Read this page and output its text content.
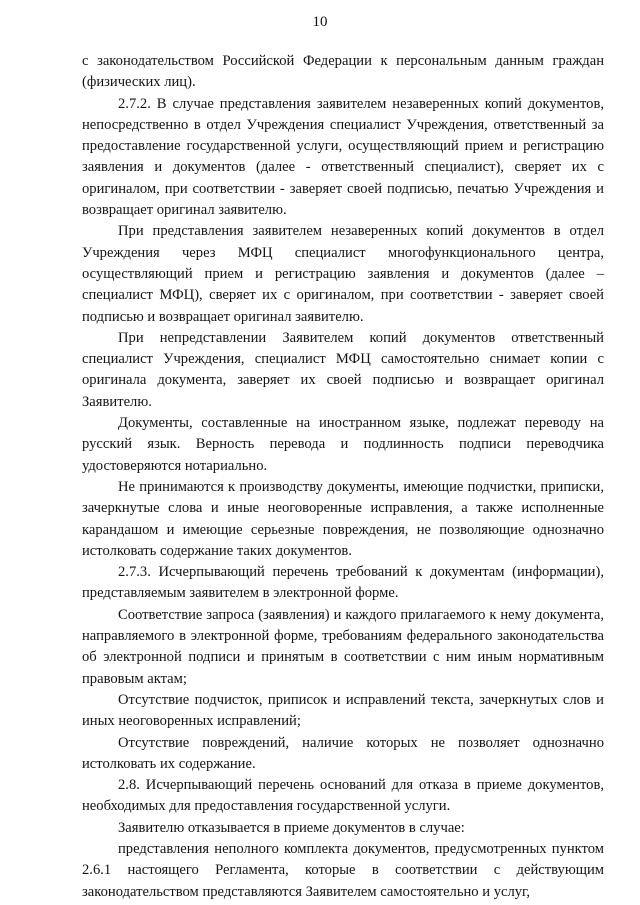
10

с законодательством Российской Федерации к персональным данным граждан (физических лиц).

2.7.2. В случае представления заявителем незаверенных копий документов, непосредственно в отдел Учреждения специалист Учреждения, ответственный за предоставление государственной услуги, осуществляющий прием и регистрацию заявления и документов (далее - ответственный специалист), сверяет их с оригиналом, при соответствии - заверяет своей подписью, печатью Учреждения и возвращает оригинал заявителю.

При представления заявителем незаверенных копий документов в отдел Учреждения через МФЦ специалист многофункционального центра, осуществляющий прием и регистрацию заявления и документов (далее – специалист МФЦ), сверяет их с оригиналом, при соответствии - заверяет своей подписью и возвращает оригинал заявителю.

При непредставлении Заявителем копий документов ответственный специалист Учреждения, специалист МФЦ самостоятельно снимает копии с оригинала документа, заверяет их своей подписью и возвращает оригинал Заявителю.

Документы, составленные на иностранном языке, подлежат переводу на русский язык. Верность перевода и подлинность подписи переводчика удостоверяются нотариально.

Не принимаются к производству документы, имеющие подчистки, приписки, зачеркнутые слова и иные неоговоренные исправления, а также исполненные карандашом и имеющие серьезные повреждения, не позволяющие однозначно истолковать содержание таких документов.

2.7.3. Исчерпывающий перечень требований к документам (информации), представляемым заявителем в электронной форме.

Соответствие запроса (заявления) и каждого прилагаемого к нему документа, направляемого в электронной форме, требованиям федерального законодательства об электронной подписи и принятым в соответствии с ним иным нормативным правовым актам;

Отсутствие подчисток, приписок и исправлений текста, зачеркнутых слов и иных неоговоренных исправлений;

Отсутствие повреждений, наличие которых не позволяет однозначно истолковать их содержание.

2.8. Исчерпывающий перечень оснований для отказа в приеме документов, необходимых для предоставления государственной услуги.

Заявителю отказывается в приеме документов в случае:

представления неполного комплекта документов, предусмотренных пунктом 2.6.1 настоящего Регламента, которые в соответствии с действующим законодательством представляются Заявителем самостоятельно и услуг,
